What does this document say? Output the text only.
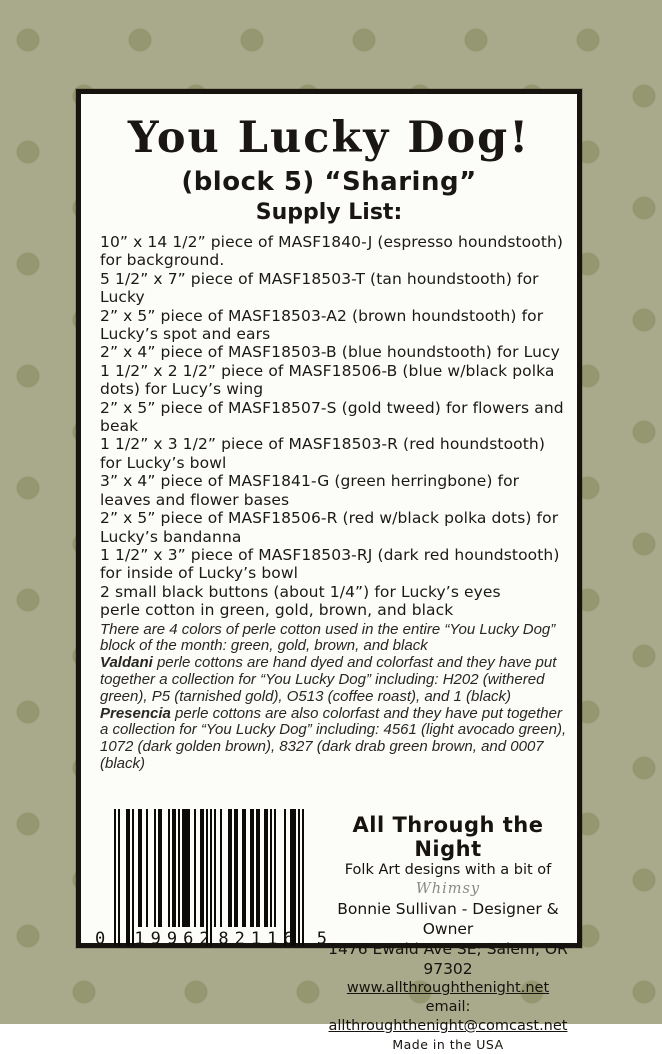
You Lucky Dog!
(block 5) “Sharing”
Supply List:
10” x 14 1/2” piece of MASF1840-J (espresso houndstooth) for background.
5 1/2” x 7” piece of MASF18503-T (tan houndstooth) for Lucky
2” x 5” piece of MASF18503-A2 (brown houndstooth) for Lucky’s spot and ears
2” x 4” piece of MASF18503-B (blue houndstooth) for Lucy
1 1/2” x 2 1/2” piece of MASF18506-B (blue w/black polka dots) for Lucy’s wing
2” x 5” piece of MASF18507-S (gold tweed) for flowers and beak
1 1/2” x 3 1/2” piece of MASF18503-R (red houndstooth) for Lucky’s bowl
3” x 4” piece of MASF1841-G (green herringbone) for leaves and flower bases
2” x 5” piece of MASF18506-R (red w/black polka dots) for Lucky’s bandanna
1 1/2” x 3” piece of MASF18503-RJ (dark red houndstooth) for inside of Lucky’s bowl
2 small black buttons (about 1/4”) for Lucky’s eyes
perle cotton in green, gold, brown, and black
There are 4 colors of perle cotton used in the entire “You Lucky Dog” block of the month: green, gold, brown, and black
Valdani perle cottons are hand dyed and colorfast and they have put together a collection for “You Lucky Dog” including: H202 (withered green), P5 (tarnished gold), O513 (coffee roast), and 1 (black)
Presencia perle cottons are also colorfast and they have put together a collection for “You Lucky Dog” including: 4561 (light avocado green), 1072 (dark golden brown), 8327 (dark drab green brown, and 0007 (black)
0 19962 82116 5
All Through the Night
Folk Art designs with a bit of Whimsy
Bonnie Sullivan - Designer & Owner
1476 Ewald Ave SE; Salem, OR 97302
www.allthroughthenight.net
email: allthroughthenight@comcast.net
Made in the USA
